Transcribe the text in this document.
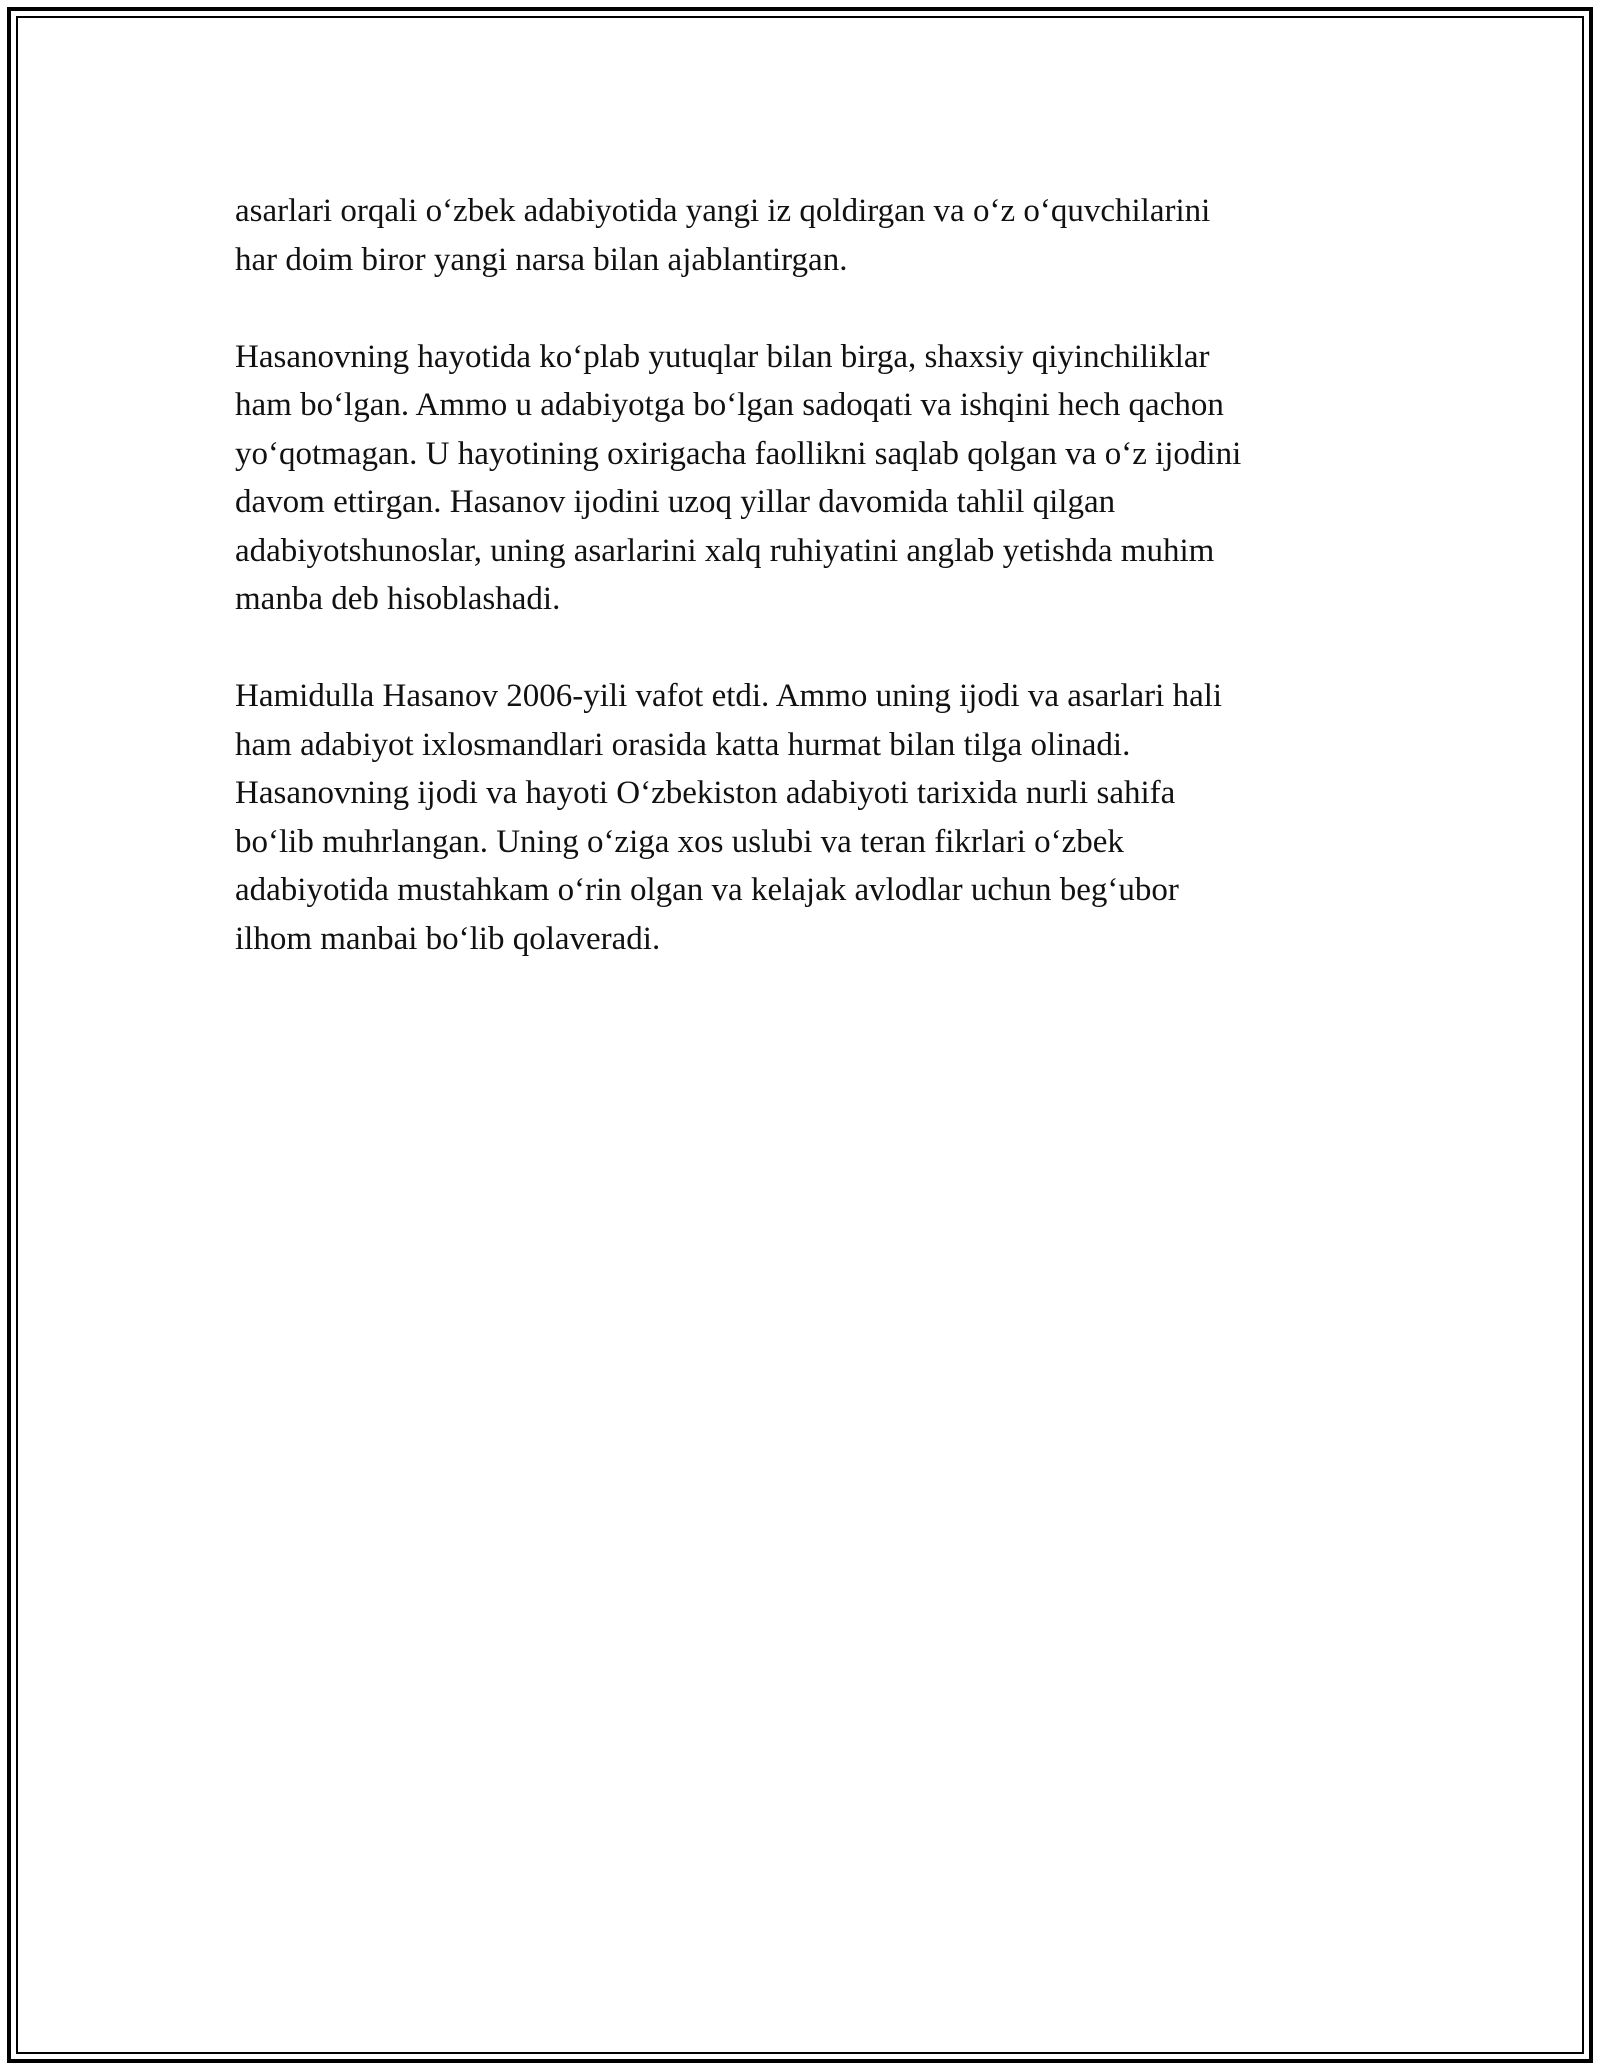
asarlari orqali o‘zbek adabiyotida yangi iz qoldirgan va o‘z o‘quvchilarini
har doim biror yangi narsa bilan ajablantirgan.

Hasanovning hayotida ko‘plab yutuqlar bilan birga, shaxsiy qiyinchiliklar
ham bo‘lgan. Ammo u adabiyotga bo‘lgan sadoqati va ishqini hech qachon
yo‘qotmagan. U hayotining oxirigacha faollikni saqlab qolgan va o‘z ijodini
davom ettirgan. Hasanov ijodini uzoq yillar davomida tahlil qilgan
adabiyotshunoslar, uning asarlarini xalq ruhiyatini anglab yetishda muhim
manba deb hisoblashadi.

Hamidulla Hasanov 2006-yili vafot etdi. Ammo uning ijodi va asarlari hali
ham adabiyot ixlosmandlari orasida katta hurmat bilan tilga olinadi.
Hasanovning ijodi va hayoti O‘zbekiston adabiyoti tarixida nurli sahifa
bo‘lib muhrlangan. Uning o‘ziga xos uslubi va teran fikrlari o‘zbek
adabiyotida mustahkam o‘rin olgan va kelajak avlodlar uchun beg‘ubor
ilhom manbai bo‘lib qolaveradi.
